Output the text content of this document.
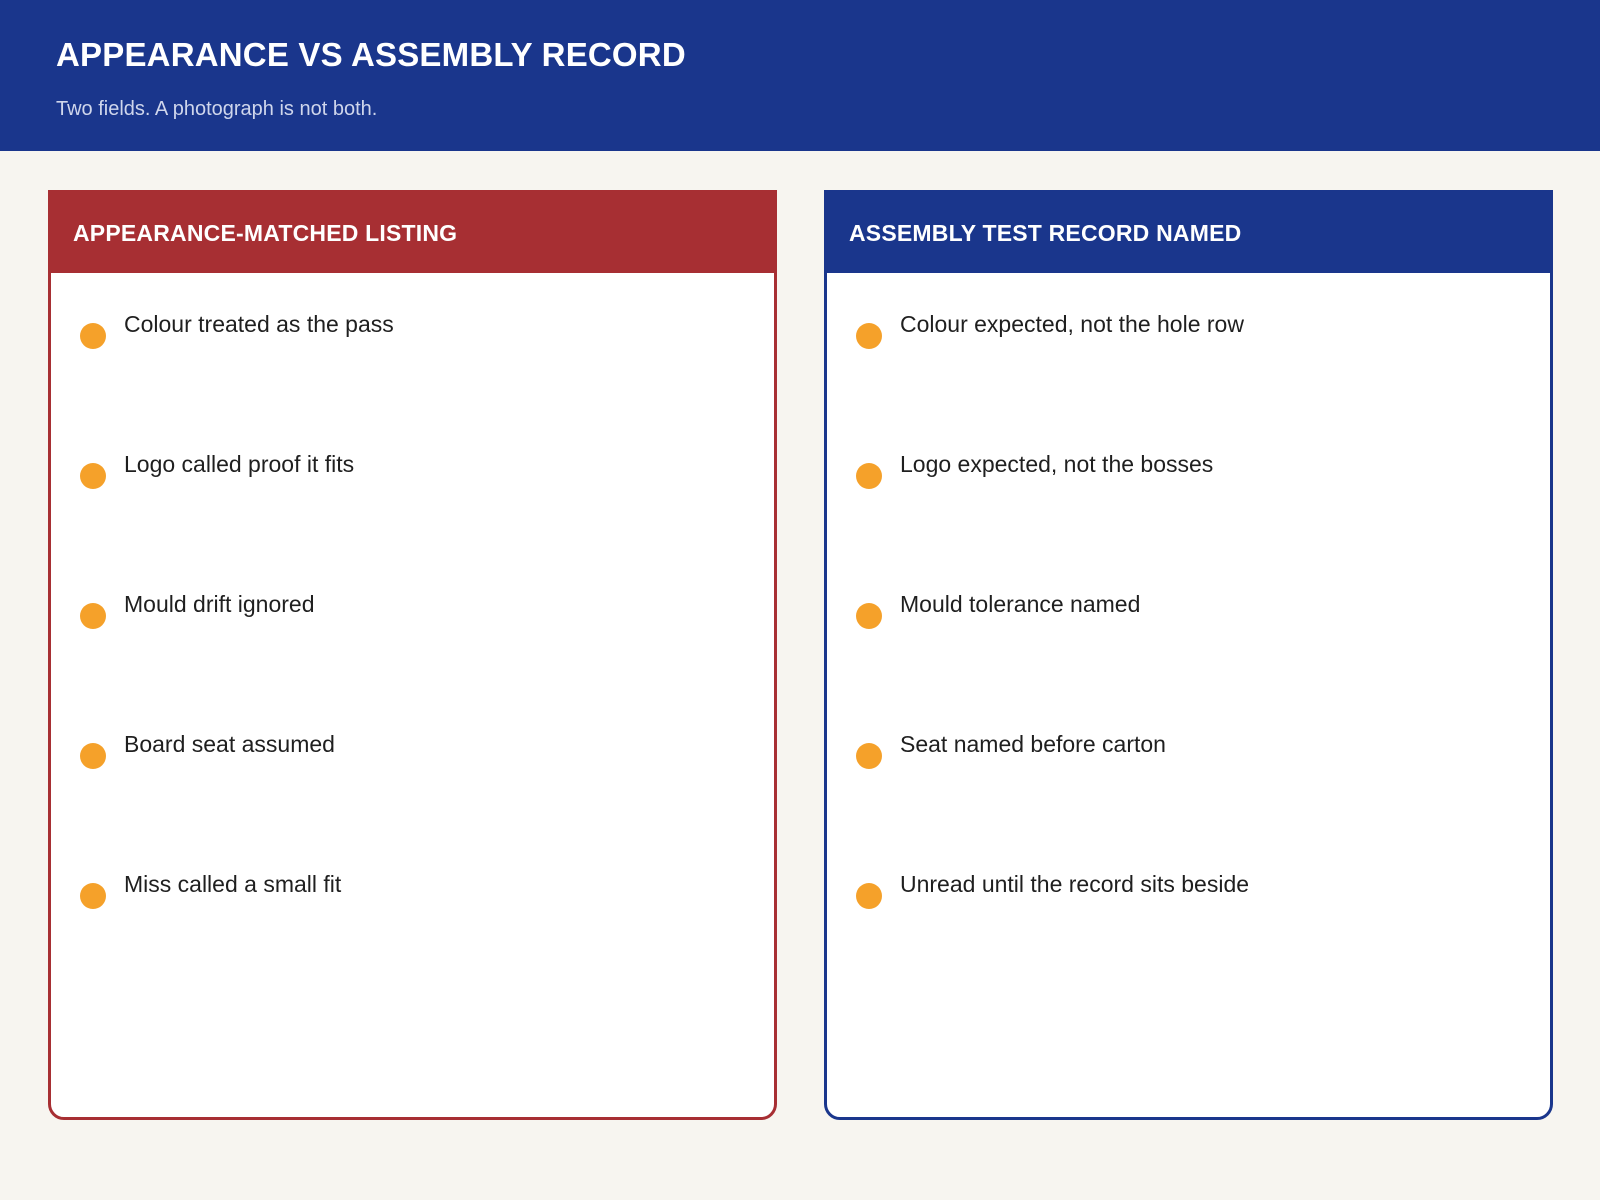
APPEARANCE VS ASSEMBLY RECORD
Two fields. A photograph is not both.
APPEARANCE-MATCHED LISTING
Colour treated as the pass
Logo called proof it fits
Mould drift ignored
Board seat assumed
Miss called a small fit
ASSEMBLY TEST RECORD NAMED
Colour expected, not the hole row
Logo expected, not the bosses
Mould tolerance named
Seat named before carton
Unread until the record sits beside
